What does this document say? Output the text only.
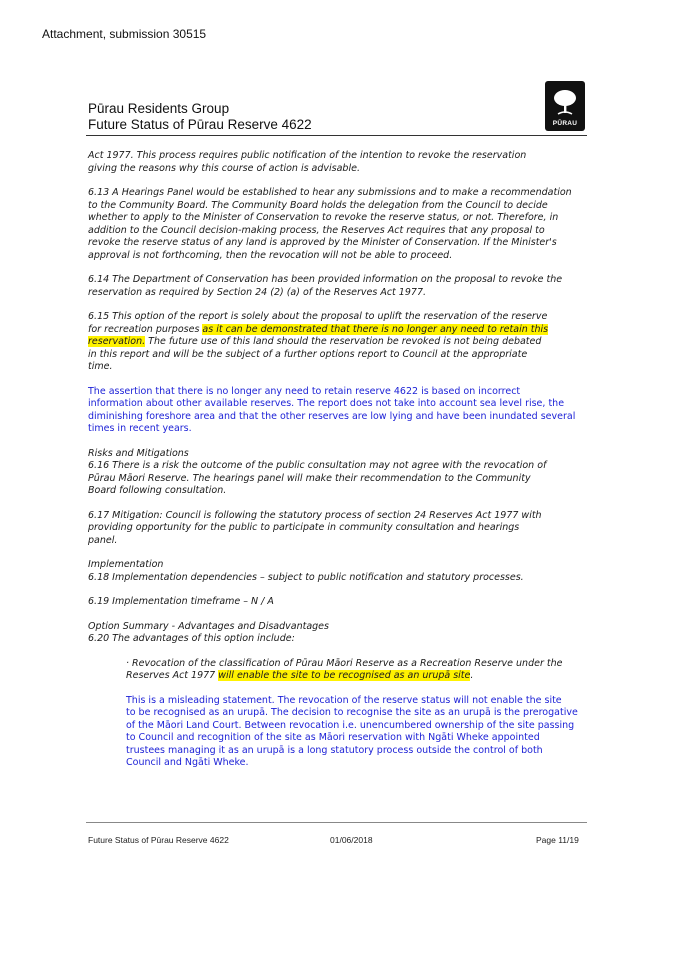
Attachment, submission 30515
Pūrau Residents Group
Future Status of Pūrau Reserve 4622	PŪRAU

Act 1977. This process requires public notification of the intention to revoke the reservation
giving the reasons why this course of action is advisable.

6.13 A Hearings Panel would be established to hear any submissions and to make a recommendation
to the Community Board. The Community Board holds the delegation from the Council to decide
whether to apply to the Minister of Conservation to revoke the reserve status, or not. Therefore, in
addition to the Council decision-making process, the Reserves Act requires that any proposal to
revoke the reserve status of any land is approved by the Minister of Conservation. If the Minister's
approval is not forthcoming, then the revocation will not be able to proceed.

6.14 The Department of Conservation has been provided information on the proposal to revoke the
reservation as required by Section 24 (2) (a) of the Reserves Act 1977.

6.15 This option of the report is solely about the proposal to uplift the reservation of the reserve
for recreation purposes as it can be demonstrated that there is no longer any need to retain this
reservation. The future use of this land should the reservation be revoked is not being debated
in this report and will be the subject of a further options report to Council at the appropriate
time.

The assertion that there is no longer any need to retain reserve 4622 is based on incorrect
information about other available reserves. The report does not take into account sea level rise, the
diminishing foreshore area and that the other reserves are low lying and have been inundated several
times in recent years.

Risks and Mitigations
6.16 There is a risk the outcome of the public consultation may not agree with the revocation of
Pūrau Māori Reserve. The hearings panel will make their recommendation to the Community
Board following consultation.

6.17 Mitigation: Council is following the statutory process of section 24 Reserves Act 1977 with
providing opportunity for the public to participate in community consultation and hearings
panel.

Implementation
6.18 Implementation dependencies – subject to public notification and statutory processes.

6.19 Implementation timeframe – N / A

Option Summary - Advantages and Disadvantages
6.20 The advantages of this option include:

· Revocation of the classification of Pūrau Māori Reserve as a Recreation Reserve under the
Reserves Act 1977 will enable the site to be recognised as an urupā site.

This is a misleading statement. The revocation of the reserve status will not enable the site
to be recognised as an urupā. The decision to recognise the site as an urupā is the prerogative
of the Māori Land Court. Between revocation i.e. unencumbered ownership of the site passing
to Council and recognition of the site as Māori reservation with Ngāti Wheke appointed
trustees managing it as an urupā is a long statutory process outside the control of both
Council and Ngāti Wheke.

Future Status of Pūrau Reserve 4622	01/06/2018	Page 11/19
